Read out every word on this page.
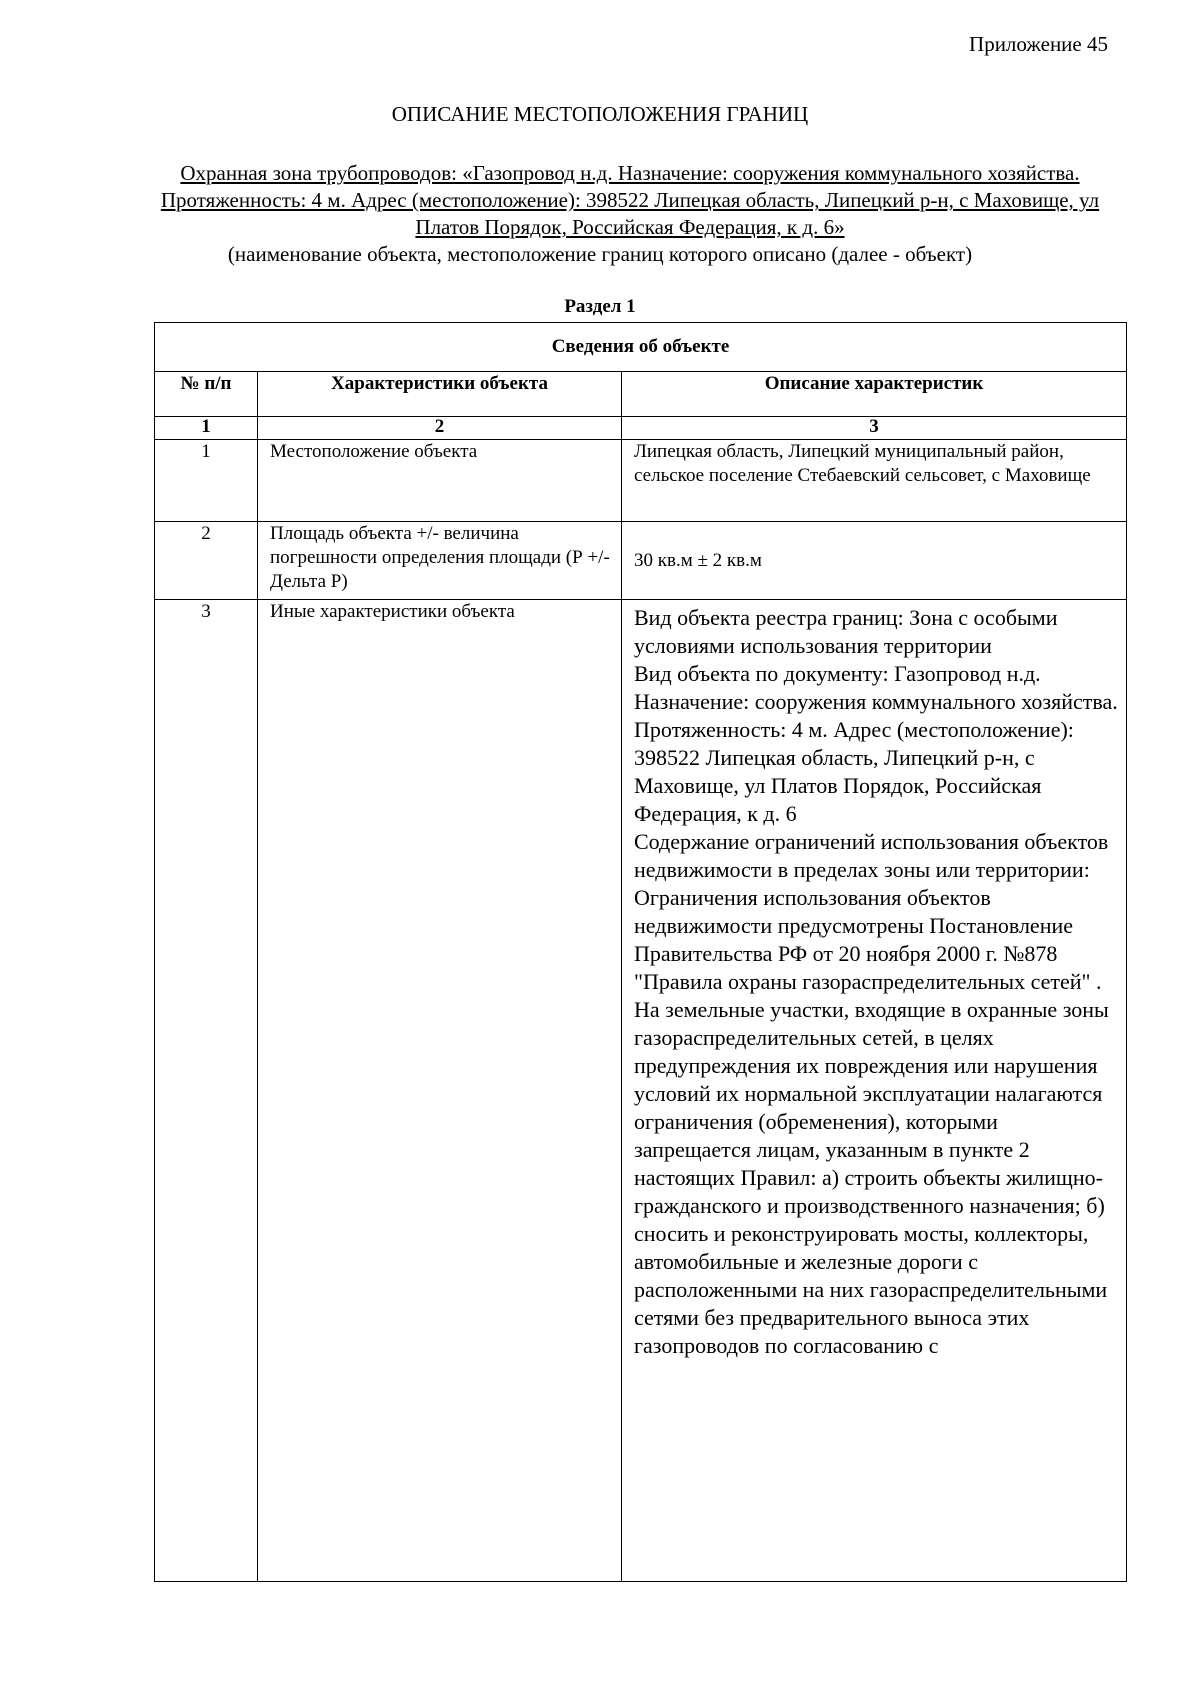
Приложение 45
ОПИСАНИЕ МЕСТОПОЛОЖЕНИЯ ГРАНИЦ
Охранная зона трубопроводов: «Газопровод н.д. Назначение: сооружения коммунального хозяйства. Протяженность: 4 м. Адрес (местоположение): 398522 Липецкая область, Липецкий р-н, с Маховище, ул Платов Порядок, Российская Федерация, к д. 6»
(наименование объекта, местоположение границ которого описано (далее - объект)
Раздел 1
Сведения об объекте		
№ п/п	Характеристики объекта	Описание характеристик
1	2	3
1	Местоположение объекта	Липецкая область, Липецкий муниципальный район, сельское поселение Стебаевский сельсовет, с Маховище
2	Площадь объекта +/- величина погрешности определения площади (Р +/- Дельта Р)	30 кв.м ± 2 кв.м
3	Иные характеристики объекта	Вид объекта реестра границ: Зона с особыми условиями использования территории
Вид объекта по документу: Газопровод н.д. Назначение: сооружения коммунального хозяйства.
Протяженность: 4 м. Адрес (местоположение): 398522 Липецкая область, Липецкий р-н, с Маховище, ул Платов Порядок, Российская Федерация, к д. 6
Содержание ограничений использования объектов недвижимости в пределах зоны или территории: Ограничения использования объектов недвижимости предусмотрены Постановление Правительства РФ от 20 ноября 2000 г. №878 "Правила охраны газораспределительных сетей" . На земельные участки, входящие в охранные зоны газораспределительных сетей, в целях предупреждения их повреждения или нарушения условий их нормальной эксплуатации налагаются ограничения (обременения), которыми запрещается лицам, указанным в пункте 2 настоящих Правил: а) строить объекты жилищно-гражданского и производственного назначения; б) сносить и реконструировать мосты, коллекторы, автомобильные и железные дороги с расположенными на них газораспределительными сетями без предварительного выноса этих газопроводов по согласованию с
